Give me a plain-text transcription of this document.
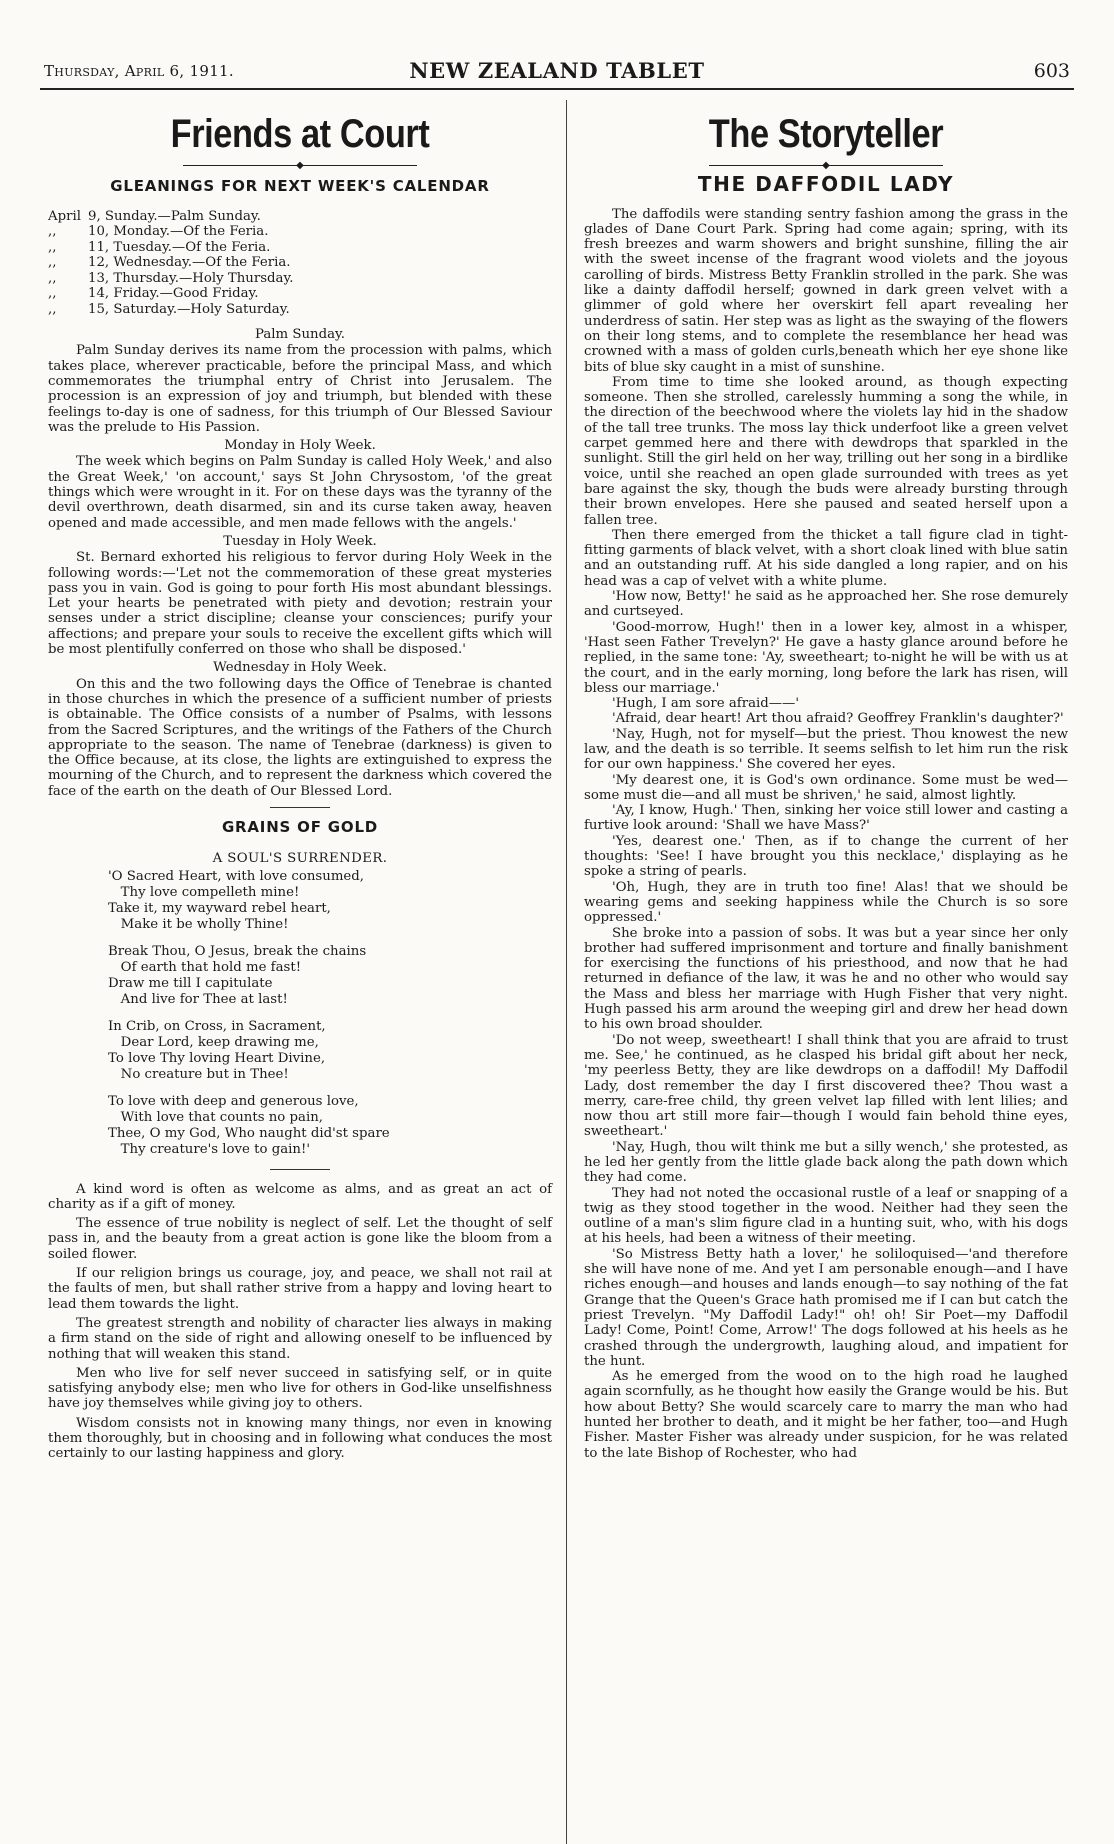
Thursday, April 6, 1911.	NEW ZEALAND TABLET	603
Friends at Court
◆
GLEANINGS FOR NEXT WEEK'S CALENDAR
April 9, Sunday.—Palm Sunday.
,,	10, Monday.—Of the Feria.
,,	11, Tuesday.—Of the Feria.
,,	12, Wednesday.—Of the Feria.
,,	13, Thursday.—Holy Thursday.
,,	14, Friday.—Good Friday.
,,	15, Saturday.—Holy Saturday.
Palm Sunday.

Palm Sunday derives its name from the procession with palms, which takes place, wherever practicable, before the principal Mass, and which commemorates the triumphal entry of Christ into Jerusalem. The procession is an expression of joy and triumph, but blended with these feelings to-day is one of sadness, for this triumph of Our Blessed Saviour was the prelude to His Passion.

Monday in Holy Week.

The week which begins on Palm Sunday is called Holy Week,' and also the Great Week,' 'on account,' says St John Chrysostom, 'of the great things which were wrought in it. For on these days was the tyranny of the devil overthrown, death disarmed, sin and its curse taken away, heaven opened and made accessible, and men made fellows with the angels.'

Tuesday in Holy Week.

St. Bernard exhorted his religious to fervor during Holy Week in the following words:—'Let not the commemoration of these great mysteries pass you in vain. God is going to pour forth His most abundant blessings. Let your hearts be penetrated with piety and devotion; restrain your senses under a strict discipline; cleanse your consciences; purify your affections; and prepare your souls to receive the excellent gifts which will be most plentifully conferred on those who shall be disposed.'

Wednesday in Holy Week.

On this and the two following days the Office of Tenebrae is chanted in those churches in which the presence of a sufficient number of priests is obtainable. The Office consists of a number of Psalms, with lessons from the Sacred Scriptures, and the writings of the Fathers of the Church appropriate to the season. The name of Tenebrae (darkness) is given to the Office because, at its close, the lights are extinguished to express the mourning of the Church, and to represent the darkness which covered the face of the earth on the death of Our Blessed Lord.

GRAINS OF GOLD
A SOUL'S SURRENDER.
'O Sacred Heart, with love consumed,
Thy love compelleth mine!
Take it, my wayward rebel heart,
Make it be wholly Thine!
Break Thou, O Jesus, break the chains
Of earth that hold me fast!
Draw me till I capitulate
And live for Thee at last!
In Crib, on Cross, in Sacrament,
Dear Lord, keep drawing me,
To love Thy loving Heart Divine,
No creature but in Thee!
To love with deep and generous love,
With love that counts no pain,
Thee, O my God, Who naught did'st spare
Thy creature's love to gain!'

A kind word is often as welcome as alms, and as great an act of charity as if a gift of money.

The essence of true nobility is neglect of self. Let the thought of self pass in, and the beauty from a great action is gone like the bloom from a soiled flower.

If our religion brings us courage, joy, and peace, we shall not rail at the faults of men, but shall rather strive from a happy and loving heart to lead them towards the light.

The greatest strength and nobility of character lies always in making a firm stand on the side of right and allowing oneself to be influenced by nothing that will weaken this stand.

Men who live for self never succeed in satisfying self, or in quite satisfying anybody else; men who live for others in God-like unselfishness have joy themselves while giving joy to others.

Wisdom consists not in knowing many things, nor even in knowing them thoroughly, but in choosing and in following what conduces the most certainly to our lasting happiness and glory.

The Storyteller
◆
THE DAFFODIL LADY

The daffodils were standing sentry fashion among the grass in the glades of Dane Court Park. Spring had come again; spring, with its fresh breezes and warm showers and bright sunshine, filling the air with the sweet incense of the fragrant wood violets and the joyous carolling of birds. Mistress Betty Franklin strolled in the park. She was like a dainty daffodil herself; gowned in dark green velvet with a glimmer of gold where her overskirt fell apart revealing her underdress of satin. Her step was as light as the swaying of the flowers on their long stems, and to complete the resemblance her head was crowned with a mass of golden curls,beneath which her eye shone like bits of blue sky caught in a mist of sunshine.

From time to time she looked around, as though expecting someone. Then she strolled, carelessly humming a song the while, in the direction of the beechwood where the violets lay hid in the shadow of the tall tree trunks. The moss lay thick underfoot like a green velvet carpet gemmed here and there with dewdrops that sparkled in the sunlight. Still the girl held on her way, trilling out her song in a birdlike voice, until she reached an open glade surrounded with trees as yet bare against the sky, though the buds were already bursting through their brown envelopes. Here she paused and seated herself upon a fallen tree.

Then there emerged from the thicket a tall figure clad in tight-fitting garments of black velvet, with a short cloak lined with blue satin and an outstanding ruff. At his side dangled a long rapier, and on his head was a cap of velvet with a white plume.

'How now, Betty!' he said as he approached her. She rose demurely and curtseyed.

'Good-morrow, Hugh!' then in a lower key, almost in a whisper, 'Hast seen Father Trevelyn?' He gave a hasty glance around before he replied, in the same tone: 'Ay, sweetheart; to-night he will be with us at the court, and in the early morning, long before the lark has risen, will bless our marriage.'

'Hugh, I am sore afraid——'

'Afraid, dear heart! Art thou afraid? Geoffrey Franklin's daughter?'

'Nay, Hugh, not for myself—but the priest. Thou knowest the new law, and the death is so terrible. It seems selfish to let him run the risk for our own happiness.' She covered her eyes.

'My dearest one, it is God's own ordinance. Some must be wed—some must die—and all must be shriven,' he said, almost lightly.

'Ay, I know, Hugh.' Then, sinking her voice still lower and casting a furtive look around: 'Shall we have Mass?'

'Yes, dearest one.' Then, as if to change the current of her thoughts: 'See! I have brought you this necklace,' displaying as he spoke a string of pearls.

'Oh, Hugh, they are in truth too fine! Alas! that we should be wearing gems and seeking happiness while the Church is so sore oppressed.'

She broke into a passion of sobs. It was but a year since her only brother had suffered imprisonment and torture and finally banishment for exercising the functions of his priesthood, and now that he had returned in defiance of the law, it was he and no other who would say the Mass and bless her marriage with Hugh Fisher that very night. Hugh passed his arm around the weeping girl and drew her head down to his own broad shoulder.

'Do not weep, sweetheart! I shall think that you are afraid to trust me. See,' he continued, as he clasped his bridal gift about her neck, 'my peerless Betty, they are like dewdrops on a daffodil! My Daffodil Lady, dost remember the day I first discovered thee? Thou wast a merry, care-free child, thy green velvet lap filled with lent lilies; and now thou art still more fair—though I would fain behold thine eyes, sweetheart.'

'Nay, Hugh, thou wilt think me but a silly wench,' she protested, as he led her gently from the little glade back along the path down which they had come.

They had not noted the occasional rustle of a leaf or snapping of a twig as they stood together in the wood. Neither had they seen the outline of a man's slim figure clad in a hunting suit, who, with his dogs at his heels, had been a witness of their meeting.

'So Mistress Betty hath a lover,' he soliloquised—'and therefore she will have none of me. And yet I am personable enough—and I have riches enough—and houses and lands enough—to say nothing of the fat Grange that the Queen's Grace hath promised me if I can but catch the priest Trevelyn. "My Daffodil Lady!" oh! oh! Sir Poet—my Daffodil Lady! Come, Point! Come, Arrow!' The dogs followed at his heels as he crashed through the undergrowth, laughing aloud, and impatient for the hunt.

As he emerged from the wood on to the high road he laughed again scornfully, as he thought how easily the Grange would be his. But how about Betty? She would scarcely care to marry the man who had hunted her brother to death, and it might be her father, too—and Hugh Fisher. Master Fisher was already under suspicion, for he was related to the late Bishop of Rochester, who had
